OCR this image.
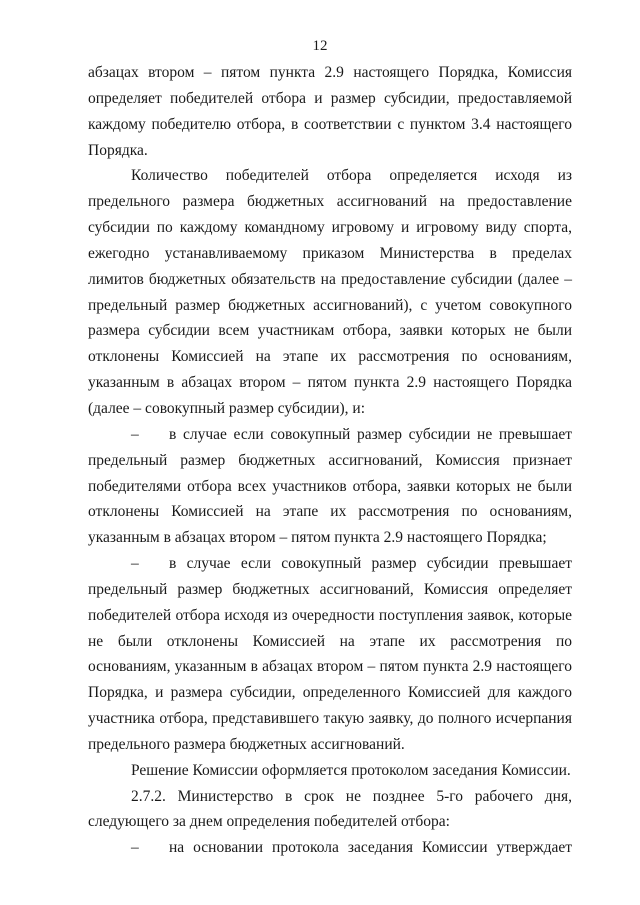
12

абзацах втором – пятом пункта 2.9 настоящего Порядка, Комиссия определяет победителей отбора и размер субсидии, предоставляемой каждому победителю отбора, в соответствии с пунктом 3.4 настоящего Порядка.

Количество победителей отбора определяется исходя из предельного размера бюджетных ассигнований на предоставление субсидии по каждому командному игровому и игровому виду спорта, ежегодно устанавливаемому приказом Министерства в пределах лимитов бюджетных обязательств на предоставление субсидии (далее – предельный размер бюджетных ассигнований), с учетом совокупного размера субсидии всем участникам отбора, заявки которых не были отклонены Комиссией на этапе их рассмотрения по основаниям, указанным в абзацах втором – пятом пункта 2.9 настоящего Порядка (далее – совокупный размер субсидии), и:

– в случае если совокупный размер субсидии не превышает предельный размер бюджетных ассигнований, Комиссия признает победителями отбора всех участников отбора, заявки которых не были отклонены Комиссией на этапе их рассмотрения по основаниям, указанным в абзацах втором – пятом пункта 2.9 настоящего Порядка;

– в случае если совокупный размер субсидии превышает предельный размер бюджетных ассигнований, Комиссия определяет победителей отбора исходя из очередности поступления заявок, которые не были отклонены Комиссией на этапе их рассмотрения по основаниям, указанным в абзацах втором – пятом пункта 2.9 настоящего Порядка, и размера субсидии, определенного Комиссией для каждого участника отбора, представившего такую заявку, до полного исчерпания предельного размера бюджетных ассигнований.

Решение Комиссии оформляется протоколом заседания Комиссии.

2.7.2. Министерство в срок не позднее 5-го рабочего дня, следующего за днем определения победителей отбора:

– на основании протокола заседания Комиссии утверждает
